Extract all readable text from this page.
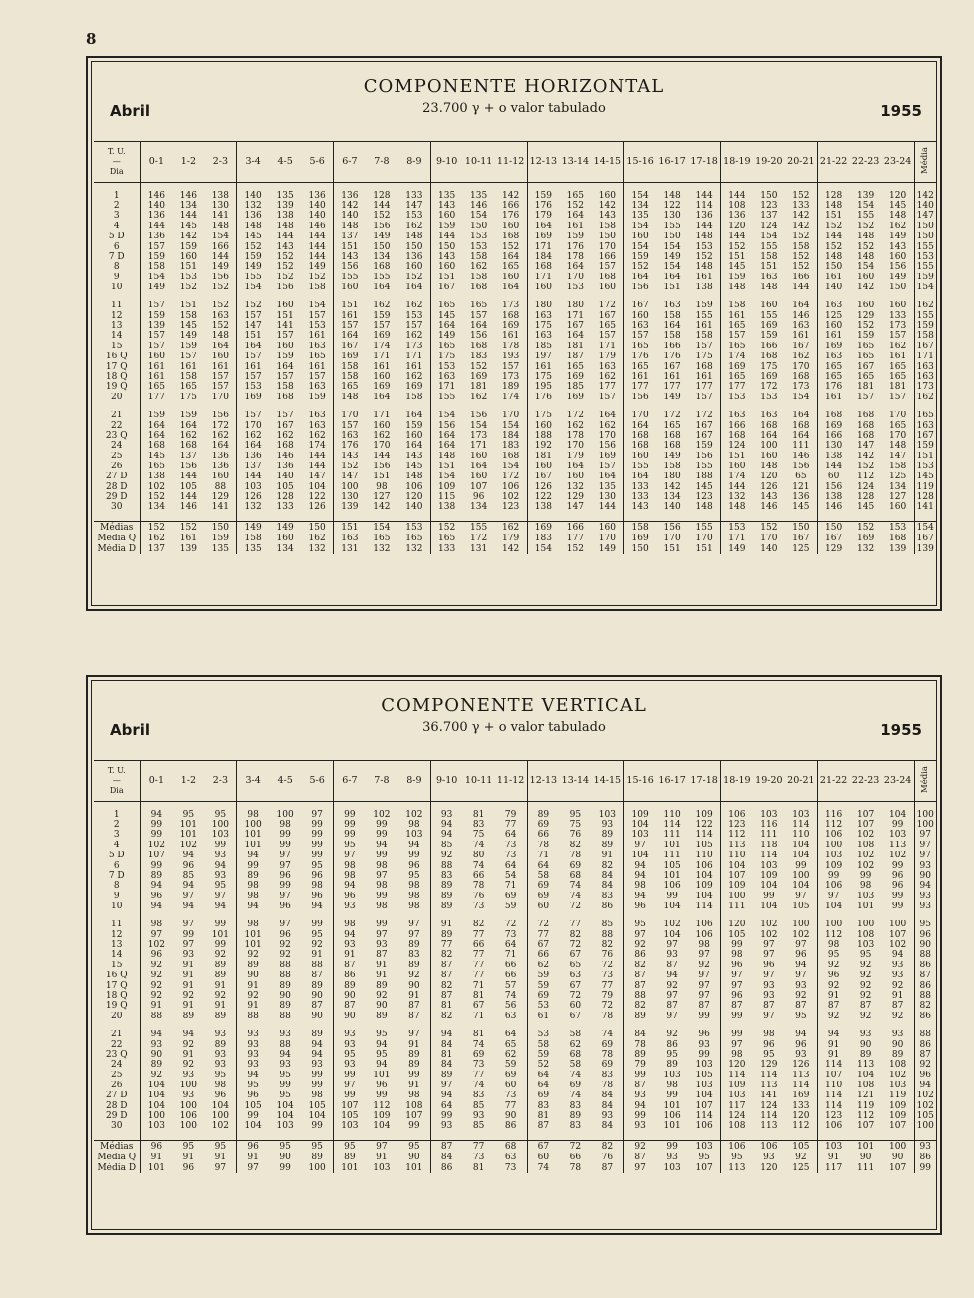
8
COMPONENTE HORIZONTAL
23.700 γ + o valor tabulado
Abril	1955
T. U.
—
Dia	0-1	1-2	2-3	3-4	4-5	5-6	6-7	7-8	8-9	9-10	10-11	11-12	12-13	13-14	14-15	15-16	16-17	17-18	18-19	19-20	20-21	21-22	22-23	23-24	Média

1	146	146	138	140	135	136	136	128	133	135	135	142	159	165	160	154	148	144	144	150	152	128	139	120	142
2	140	134	130	132	139	140	142	144	147	143	146	166	176	152	142	134	122	114	108	123	133	148	154	145	140
3	136	144	141	136	138	140	140	152	153	160	154	176	179	164	143	135	130	136	136	137	142	151	155	148	147
4	144	145	148	148	148	146	148	156	162	159	150	160	164	161	158	154	155	144	120	124	142	152	152	162	150
5 D	136	142	154	145	144	144	137	149	148	144	153	168	169	159	150	160	150	148	144	154	152	144	148	149	150
6	157	159	166	152	143	144	151	150	150	150	153	152	171	176	170	154	154	153	152	155	158	152	152	143	155
7 D	159	160	144	159	152	144	143	134	136	143	158	164	184	178	166	159	149	152	151	158	152	148	148	160	153
8	158	151	149	149	152	149	156	168	160	160	162	165	168	164	157	152	154	148	145	151	152	150	154	156	155
9	154	153	156	155	152	152	155	155	152	151	158	160	171	170	168	164	164	161	159	163	166	161	160	149	159
10	149	152	152	154	156	158	160	164	164	167	168	164	160	153	160	156	151	138	148	148	144	140	142	150	154

11	157	151	152	152	160	154	151	162	162	165	165	173	180	180	172	167	163	159	158	160	164	163	160	160	162
12	159	158	163	157	151	157	161	159	153	145	157	168	163	171	167	160	158	155	161	155	146	125	129	133	155
13	139	145	152	147	141	153	157	157	157	164	164	169	175	167	165	163	164	161	165	169	163	160	152	173	159
14	157	149	148	151	157	161	164	169	162	149	156	161	163	164	157	157	158	158	157	159	161	161	159	157	158
15	157	159	164	164	160	163	167	174	173	165	168	178	185	181	171	165	166	157	165	166	167	169	165	162	167
16 Q	160	157	160	157	159	165	169	171	171	175	183	193	197	187	179	176	176	175	174	168	162	163	165	161	171
17 Q	161	161	161	161	164	161	158	161	161	153	152	157	161	165	163	165	167	168	169	175	170	165	167	165	163
18 Q	161	158	157	157	157	157	158	160	162	163	169	173	175	169	162	161	161	161	165	169	168	165	165	165	163
19 Q	165	165	157	153	158	163	165	169	169	171	181	189	195	185	177	177	177	177	177	172	173	176	181	181	173
20	177	175	170	169	168	159	148	164	158	155	162	174	176	169	157	156	149	157	153	153	154	161	157	157	162

21	159	159	156	157	157	163	170	171	164	154	156	170	175	172	164	170	172	172	163	163	164	168	168	170	165
22	164	164	172	170	167	163	157	160	159	156	154	154	160	162	162	164	165	167	166	168	168	169	168	165	163
23 Q	164	162	162	162	162	162	163	162	160	164	173	184	188	178	170	168	168	167	168	164	164	166	168	170	167
24	168	168	164	164	168	174	176	170	164	164	171	183	192	170	156	168	168	159	124	100	111	130	147	148	159
25	145	137	136	136	146	144	143	144	143	148	160	168	181	179	169	160	149	156	151	160	146	138	142	147	151
26	165	156	136	137	136	144	152	156	145	151	164	154	160	164	157	155	158	155	160	148	156	144	152	158	153
27 D	138	144	160	144	140	147	147	151	148	154	160	172	167	160	164	164	180	188	174	120	65	60	112	125	145
28 D	102	105	88	103	105	104	100	98	106	109	107	106	126	132	135	133	142	145	144	126	121	156	124	134	119
29 D	152	144	129	126	128	122	130	127	120	115	96	102	122	129	130	133	134	123	132	143	136	138	128	127	128
30	134	146	141	132	133	126	139	142	140	138	134	123	138	147	144	143	140	148	148	146	145	146	145	160	141

Médias	152	152	150	149	149	150	151	154	153	152	155	162	169	166	160	158	156	155	153	152	150	150	152	153	154
Média Q	162	161	159	158	160	162	163	165	165	165	172	179	183	177	170	169	170	170	171	170	167	167	169	168	167
Média D	137	139	135	135	134	132	131	132	132	133	131	142	154	152	149	150	151	151	149	140	125	129	132	139	139
COMPONENTE VERTICAL
36.700 γ + o valor tabulado
Abril	1955
T. U.
—
Dia	0-1	1-2	2-3	3-4	4-5	5-6	6-7	7-8	8-9	9-10	10-11	11-12	12-13	13-14	14-15	15-16	16-17	17-18	18-19	19-20	20-21	21-22	22-23	23-24	Média

1	94	95	95	98	100	97	99	102	102	93	81	79	89	95	103	109	110	109	106	103	103	116	107	104	100
2	99	101	100	100	98	99	99	99	98	94	83	77	69	75	93	104	114	122	123	116	114	112	107	99	100
3	99	101	103	101	99	99	99	99	103	94	75	64	66	76	89	103	111	114	112	111	110	106	102	103	97
4	102	102	99	101	99	99	95	94	94	85	74	73	78	82	89	97	101	105	113	118	104	100	108	113	97
5 D	107	94	93	94	97	99	97	99	99	92	80	73	71	78	91	104	111	110	110	114	104	103	102	102	97
6	99	96	94	99	97	95	98	98	96	88	74	64	64	69	82	94	105	106	104	103	99	109	102	99	93
7 D	89	85	93	89	96	96	98	97	95	83	66	54	58	68	84	94	101	104	107	109	100	99	99	96	90
8	94	94	95	98	99	98	94	98	98	89	78	71	69	74	84	98	106	109	109	104	104	106	98	96	94
9	96	97	97	98	97	96	96	99	98	89	76	69	69	74	83	94	99	104	100	99	97	97	103	99	93
10	94	94	94	94	96	94	93	98	98	89	73	59	60	72	86	96	104	114	111	104	105	104	101	99	93

11	98	97	99	98	97	99	98	99	97	91	82	72	72	77	85	95	102	106	120	102	100	100	100	100	95
12	97	99	101	101	96	95	94	97	97	89	77	73	77	82	88	97	104	106	105	102	102	112	108	107	96
13	102	97	99	101	92	92	93	93	89	77	66	64	67	72	82	92	97	98	99	97	97	98	103	102	90
14	96	93	92	92	92	91	91	87	83	82	77	71	66	67	76	86	93	97	98	97	96	95	95	94	88
15	92	91	89	89	88	88	87	91	89	87	77	66	62	65	72	82	87	92	96	96	94	92	92	93	86
16 Q	92	91	89	90	88	87	86	91	92	87	77	66	59	63	73	87	94	97	97	97	97	96	92	93	87
17 Q	92	91	91	91	89	89	89	89	90	82	71	57	59	67	77	87	92	97	97	93	93	92	92	92	86
18 Q	92	92	92	92	90	90	90	92	91	87	81	74	69	72	79	88	97	97	96	93	92	91	92	91	88
19 Q	91	91	91	91	89	87	87	90	87	81	67	56	53	60	72	82	87	87	87	87	87	87	87	87	82
20	88	89	89	88	88	90	90	89	87	82	71	63	61	67	78	89	97	99	99	97	95	92	92	92	86

21	94	94	93	93	93	89	93	95	97	94	81	64	53	58	74	84	92	96	99	98	94	94	93	93	88
22	93	92	89	93	88	94	93	94	91	84	74	65	58	62	69	78	86	93	97	96	96	91	90	90	86
23 Q	90	91	93	93	94	94	95	95	89	81	69	62	59	68	78	89	95	99	98	95	93	91	89	89	87
24	89	92	93	93	93	93	93	94	89	84	73	59	52	58	69	79	89	103	120	129	126	114	113	108	92
25	92	93	95	94	95	99	99	101	99	89	77	69	64	74	83	99	103	105	114	114	113	107	104	102	96
26	104	100	98	95	99	99	97	96	91	97	74	60	64	69	78	87	98	103	109	113	114	110	108	103	94
27 D	104	93	96	96	95	98	99	99	98	94	83	73	69	74	84	93	99	104	103	141	169	114	121	119	102
28 D	104	100	104	105	104	105	107	112	108	64	85	77	83	83	84	94	101	107	117	124	133	114	119	109	102
29 D	100	106	100	99	104	104	105	109	107	99	93	90	81	89	93	99	106	114	124	114	120	123	112	109	105
30	103	100	102	104	103	99	103	104	99	93	85	86	87	83	84	93	101	106	108	113	112	106	107	107	100

Médias	96	95	95	96	95	95	95	97	95	87	77	68	67	72	82	92	99	103	106	106	105	103	101	100	93
Média Q	91	91	91	91	90	89	89	91	90	84	73	63	60	66	76	87	93	95	95	93	92	91	90	90	86
Média D	101	96	97	97	99	100	101	103	101	86	81	73	74	78	87	97	103	107	113	120	125	117	111	107	99
